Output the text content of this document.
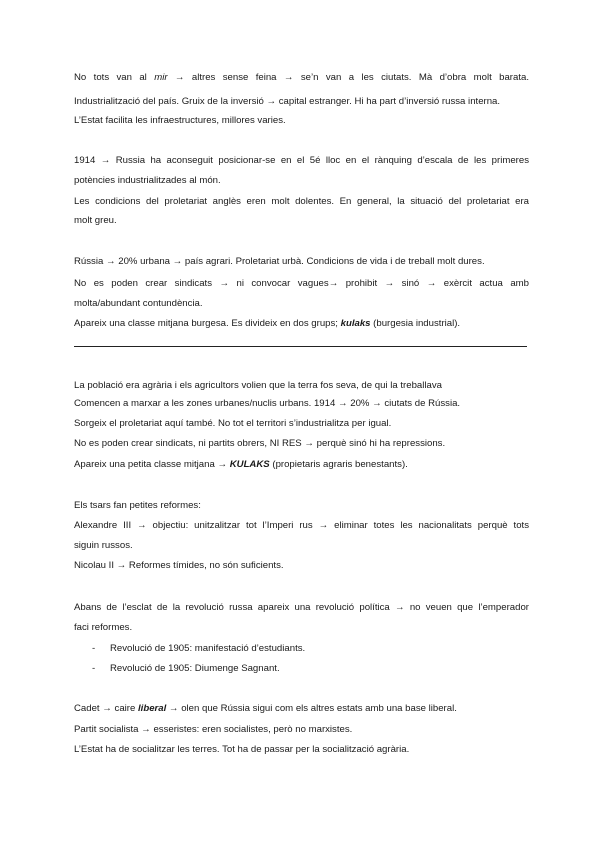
No tots van al mir → altres sense feina → se’n van a les ciutats. Mà d’obra molt barata.
Industrialització del país. Gruix de la inversió → capital estranger. Hi ha part d’inversió russa interna.
L’Estat facilita les infraestructures, millores varies.
1914 → Russia ha aconseguit posicionar-se en el 5é lloc en el rànquing d’escala de les primeres
potències industrialitzades al món.
Les condicions del proletariat anglès eren molt dolentes. En general, la situació del proletariat era
molt greu.
Rússia → 20% urbana → país agrari. Proletariat urbà. Condicions de vida i de treball molt dures.
No es poden crear sindicats → ni convocar vagues→ prohibit → sinó → exèrcit actua amb
molta/abundant contundència.
Apareix una classe mitjana burgesa. Es divideix en dos grups; kulaks (burgesia industrial).
La població era agrària i els agricultors volien que la terra fos seva, de qui la treballava
Comencen a marxar a les zones urbanes/nuclis urbans. 1914 → 20% → ciutats de Rússia.
Sorgeix el proletariat aquí també. No tot el territori s’industrialitza per igual.
No es poden crear sindicats, ni partits obrers, NI RES → perquè sinó hi ha repressions.
Apareix una petita classe mitjana → KULAKS (propietaris agraris benestants).
Els tsars fan petites reformes:
Alexandre III → objectiu: unitzalitzar tot l’Imperi rus → eliminar totes les nacionalitats perquè tots
siguin russos.
Nicolau II → Reformes tímides, no són suficients.
Abans de l’esclat de la revolució russa apareix una revolució política → no veuen que l’emperador
faci reformes.
- Revolució de 1905: manifestació d’estudiants.
- Revolució de 1905: Diumenge Sagnant.
Cadet → caire liberal → olen que Rússia sigui com els altres estats amb una base liberal.
Partit socialista → esseristes: eren socialistes, però no marxistes.
L’Estat ha de socialitzar les terres. Tot ha de passar per la socialització agrària.
